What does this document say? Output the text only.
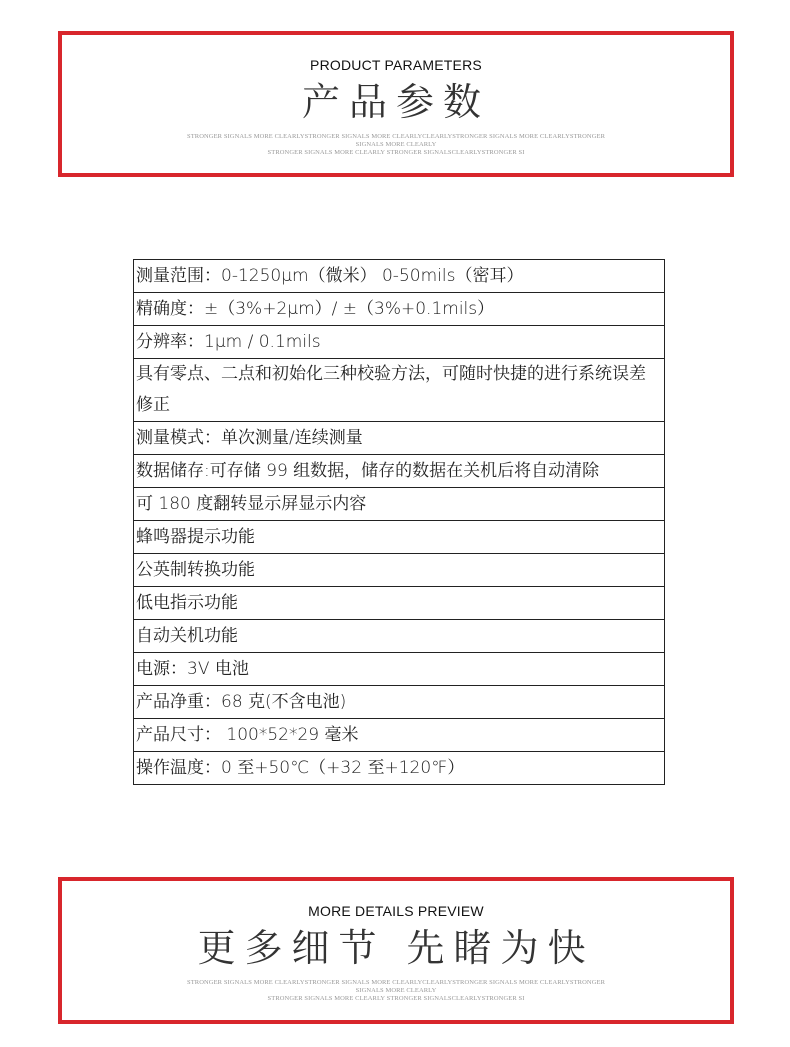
PRODUCT PARAMETERS
产品参数
STRONGER SIGNALS MORE CLEARLYSTRONGER SIGNALS MORE CLEARLYCLEARLYSTRONGER SIGNALS MORE CLEARLYSTRONGER SIGNALS MORE CLEARLY
STRONGER SIGNALS MORE CLEARLY STRONGER SIGNALSCLEARLYSTRONGER SI
测量范围：0-1250μm（微米） 0-50mils（密耳）
精确度：±（3%+2μm）/ ±（3%+0.1mils）
分辨率：1μm / 0.1mils
具有零点、二点和初始化三种校验方法，可随时快捷的进行系统误差修正
测量模式：单次测量/连续测量
数据储存:可存储 99 组数据，储存的数据在关机后将自动清除
可 180 度翻转显示屏显示内容
蜂鸣器提示功能
公英制转换功能
低电指示功能
自动关机功能
电源：3V 电池
产品净重：68 克(不含电池)
产品尺寸： 100*52*29 毫米
操作温度：0 至+50℃（+32 至+120℉）
MORE DETAILS PREVIEW
更多细节 先睹为快
STRONGER SIGNALS MORE CLEARLYSTRONGER SIGNALS MORE CLEARLYCLEARLYSTRONGER SIGNALS MORE CLEARLYSTRONGER SIGNALS MORE CLEARLY
STRONGER SIGNALS MORE CLEARLY STRONGER SIGNALSCLEARLYSTRONGER SI
